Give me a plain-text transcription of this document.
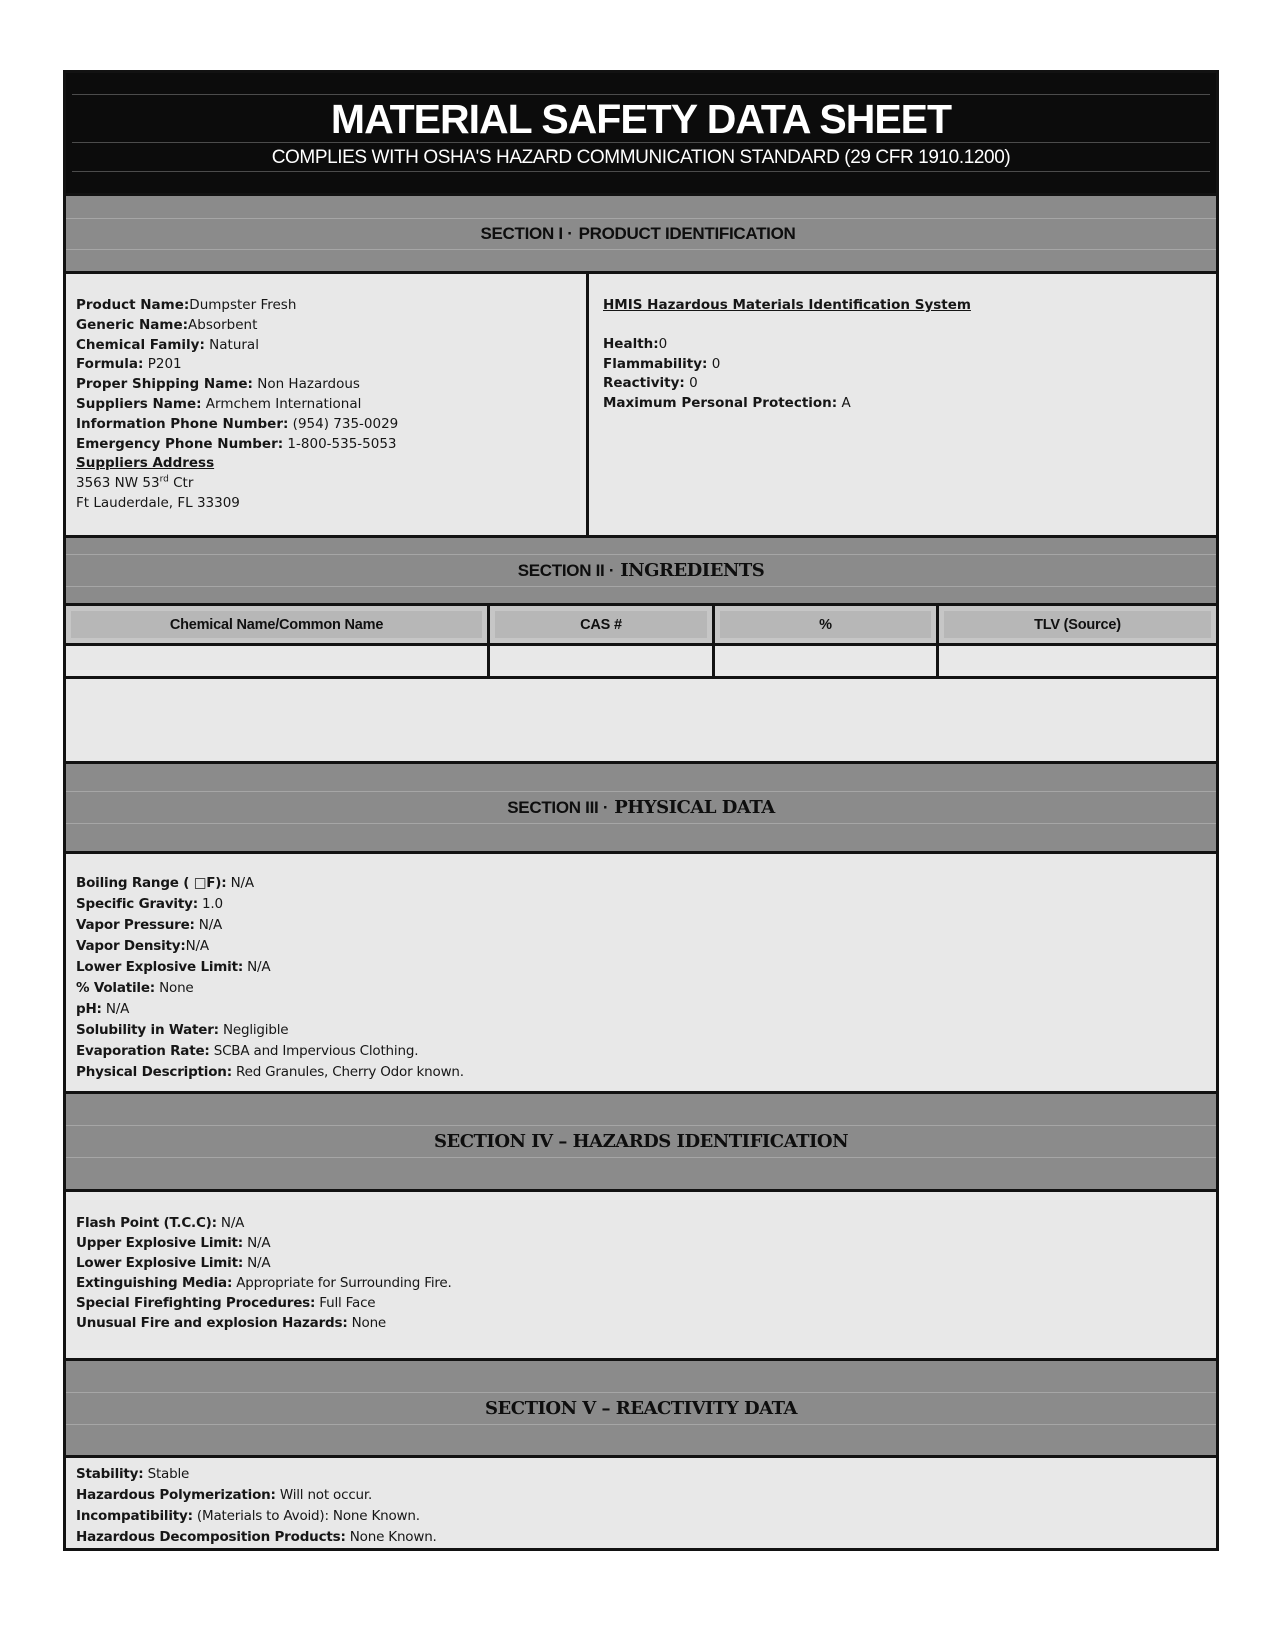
MATERIAL SAFETY DATA SHEET
COMPLIES WITH OSHA'S HAZARD COMMUNICATION STANDARD (29 CFR 1910.1200)
SECTION I · PRODUCT IDENTIFICATION
Product Name:Dumpster Fresh
Generic Name:Absorbent
Chemical Family: Natural
Formula: P201
Proper Shipping Name: Non Hazardous
Suppliers Name: Armchem International
Information Phone Number: (954) 735-0029
Emergency Phone Number: 1-800-535-5053
Suppliers Address
3563 NW 53rd Ctr
Ft Lauderdale, FL 33309
HMIS Hazardous Materials Identification System
Health:0
Flammability: 0
Reactivity: 0
Maximum Personal Protection: A
SECTION II · INGREDIENTS
Chemical Name/Common Name	CAS #	%	TLV (Source)
SECTION III · PHYSICAL DATA
Boiling Range ( □F): N/A
Specific Gravity: 1.0
Vapor Pressure: N/A
Vapor Density:N/A
Lower Explosive Limit: N/A
% Volatile: None
pH: N/A
Solubility in Water: Negligible
Evaporation Rate: SCBA and Impervious Clothing.
Physical Description: Red Granules, Cherry Odor known.
SECTION IV – HAZARDS IDENTIFICATION
Flash Point (T.C.C): N/A
Upper Explosive Limit: N/A
Lower Explosive Limit: N/A
Extinguishing Media: Appropriate for Surrounding Fire.
Special Firefighting Procedures: Full Face
Unusual Fire and explosion Hazards: None
SECTION V – REACTIVITY DATA
Stability: Stable
Hazardous Polymerization: Will not occur.
Incompatibility: (Materials to Avoid): None Known.
Hazardous Decomposition Products: None Known.
